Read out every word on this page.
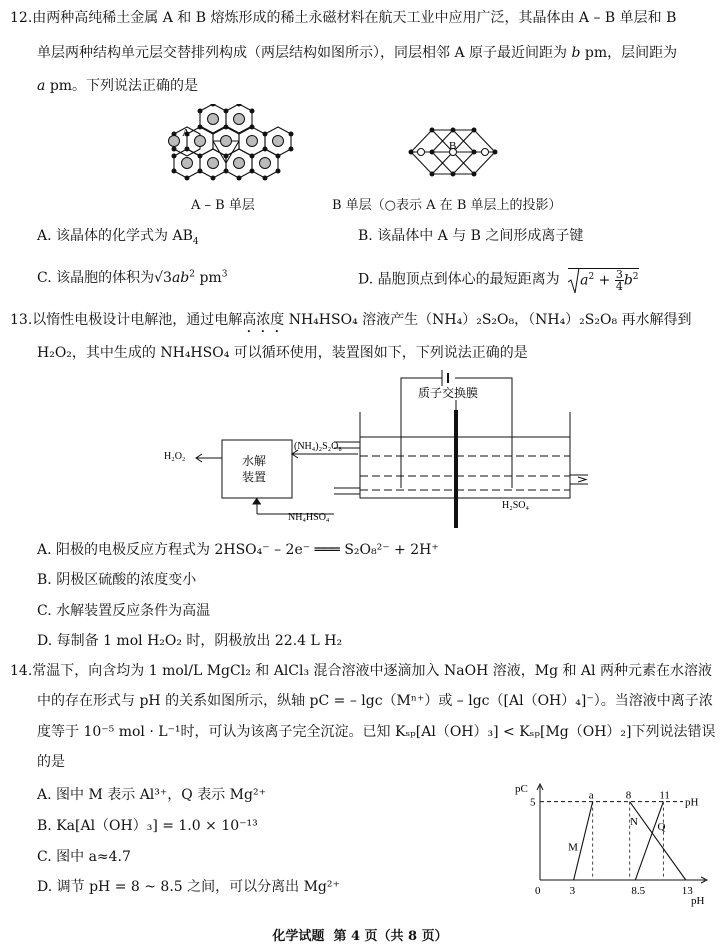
12.由两种高纯稀土金属 A 和 B 熔炼形成的稀土永磁材料在航天工业中应用广泛，其晶体由 A – B 单层和 B
单层两种结构单元层交替排列构成（两层结构如图所示），同层相邻 A 原子最近间距为 b pm，层间距为
a pm。下列说法正确的是
A
A – B 单层
B
B 单层（○表示 A 在 B 单层上的投影）
A. 该晶体的化学式为 $AB_4$	B. 该晶体中 A 与 B 之间形成离子键
C. 该晶胞的体积为$√3ab^2$ $pm^3$	D. 晶胞顶点到体心的最短距离为 $a^2 + \frac{3}{4} b^2$
13.以惰性电极设计电解池，通过电解高浓度 NH₄HSO₄ 溶液产生（NH₄）₂S₂O₈，（NH₄）₂S₂O₈ 再水解得到
H₂O₂，其中生成的 NH₄HSO₄ 可以循环使用，装置图如下，下列说法正确的是
质子交换膜
H₂O₂	水解
装置
(NH₄)₂S₂O₈
NH₄HSO₄
H₂SO₄
A. 阳极的电极反应方程式为 2HSO₄⁻ – 2e⁻ ═══ S₂O₈²⁻ + 2H⁺
B. 阴极区硫酸的浓度变小
C. 水解装置反应条件为高温
D. 每制备 1 mol H₂O₂ 时，阴极放出 22.4 L H₂
14.常温下，向含均为 1 mol/L MgCl₂ 和 AlCl₃ 混合溶液中逐滴加入 NaOH 溶液，Mg 和 Al 两种元素在水溶液
中的存在形式与 pH 的关系如图所示，纵轴 pC = – lgc（Mⁿ⁺）或 – lgc（[Al（OH）₄]⁻）。当溶液中离子浓
度等于 10⁻⁵ mol · L⁻¹时，可认为该离子完全沉淀。已知 Kₛₚ[Al（OH）₃] < Kₛₚ[Mg（OH）₂]下列说法错误
的是
A. 图中 M 表示 Al³⁺，Q 表示 Mg²⁺
B. Ka[Al（OH）₃] = 1.0 × 10⁻¹³
C. 图中 a≈4.7
D. 调节 pH = 8 ~ 8.5 之间，可以分离出 Mg²⁺
pH
5
0	3	8.5	13
a	8	11
M
N Q
pH
pC
化学试题 第 4 页（共 8 页）
